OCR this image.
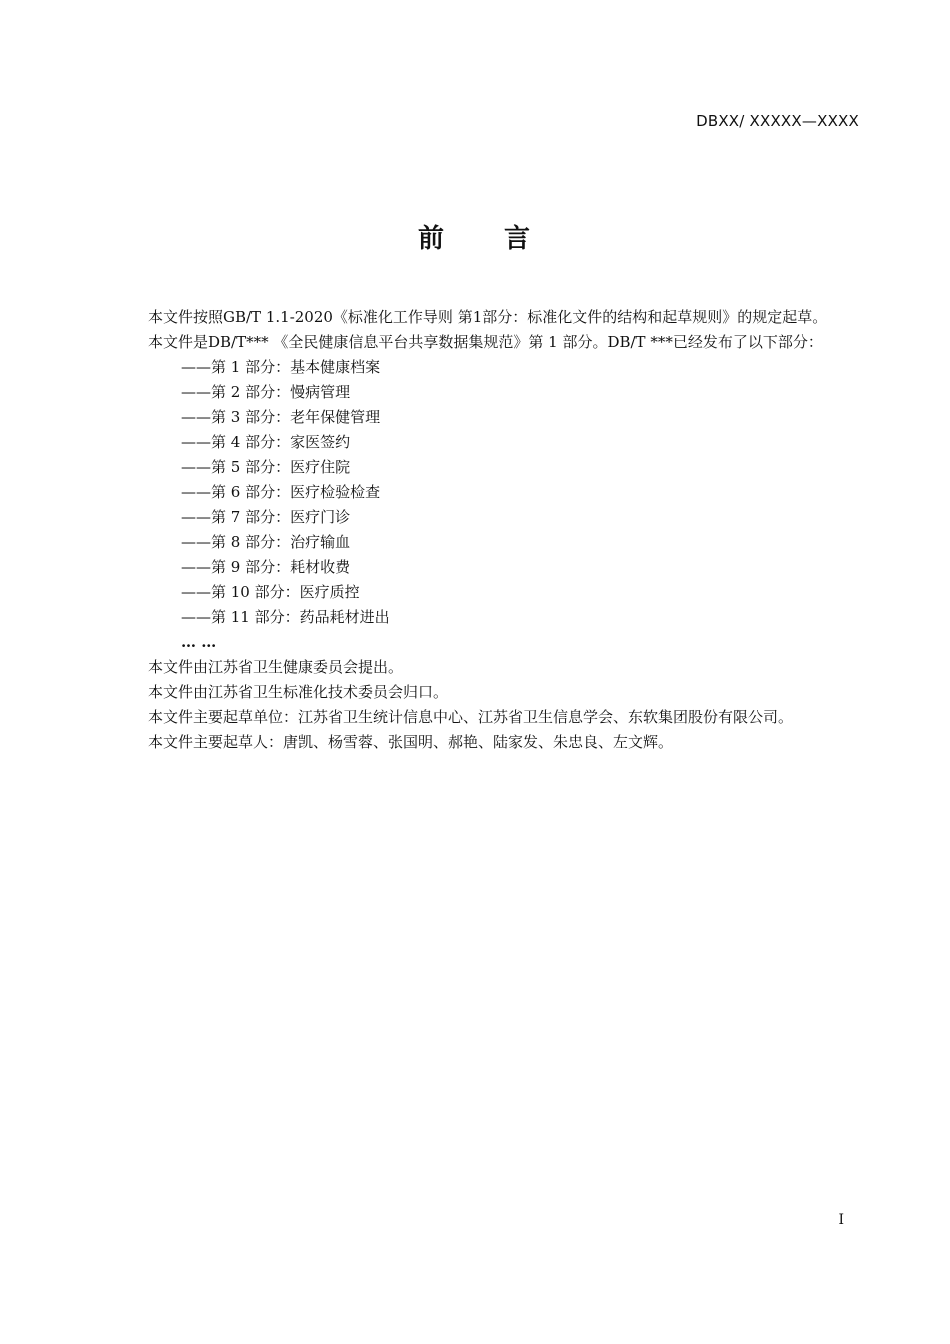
DBXX/ XXXXX—XXXX
前 言

本文件按照GB/T 1.1-2020《标准化工作导则 第1部分：标准化文件的结构和起草规则》的规定起草。

本文件是DB/T*** 《全民健康信息平台共享数据集规范》第 1 部分。DB/T ***已经发布了以下部分：

——第 1 部分：基本健康档案

——第 2 部分：慢病管理

——第 3 部分：老年保健管理

——第 4 部分：家医签约

——第 5 部分：医疗住院

——第 6 部分：医疗检验检查

——第 7 部分：医疗门诊

——第 8 部分：治疗输血

——第 9 部分：耗材收费

——第 10 部分：医疗质控

——第 11 部分：药品耗材进出

… …

本文件由江苏省卫生健康委员会提出。

本文件由江苏省卫生标准化技术委员会归口。

本文件主要起草单位：江苏省卫生统计信息中心、江苏省卫生信息学会、东软集团股份有限公司。

本文件主要起草人：唐凯、杨雪蓉、张国明、郝艳、陆家发、朱忠良、左文辉。

I
